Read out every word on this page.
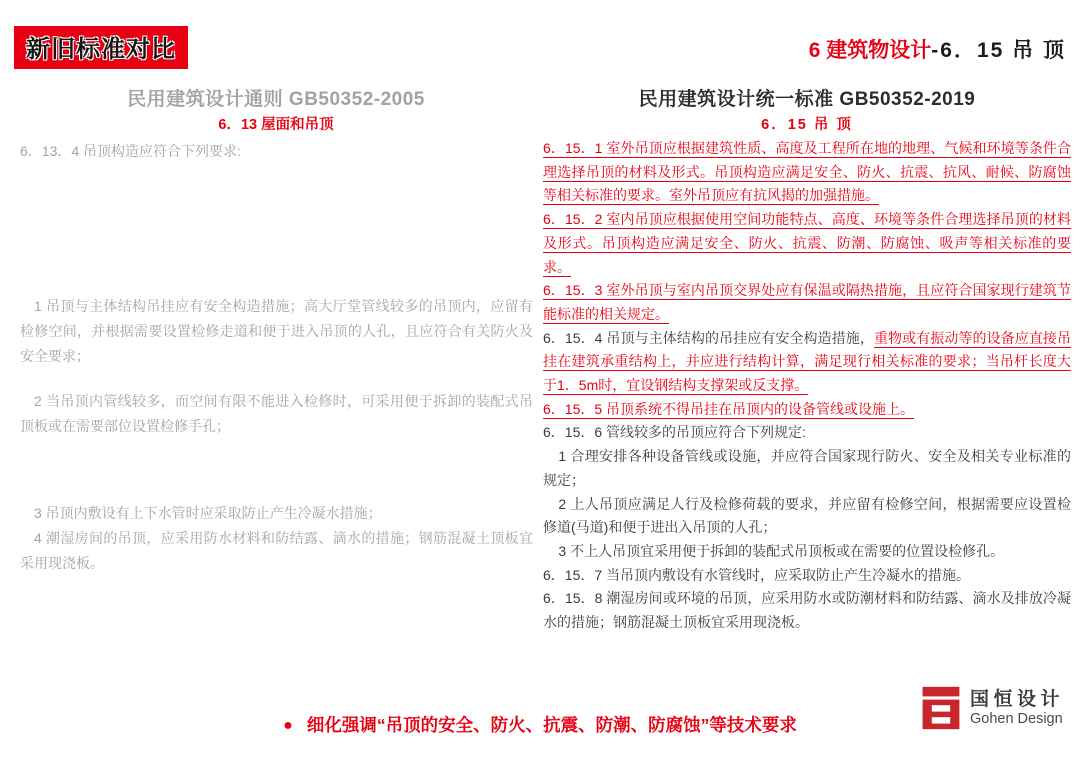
新旧标准对比	6 建筑物设计-6．15 吊 顶
民用建筑设计通则 GB50352-2005
6．13 屋面和吊顶
民用建筑设计统一标准 GB50352-2019
6．15 吊 顶
6．13．4 吊顶构造应符合下列要求:
1 吊顶与主体结构吊挂应有安全构造措施；高大厅堂管线较多的吊顶内，应留有检修空间，并根据需要设置检修走道和便于进入吊顶的人孔，且应符合有关防火及安全要求；
2 当吊顶内管线较多，而空间有限不能进入检修时，可采用便于拆卸的装配式吊顶板或在需要部位设置检修手孔；
3 吊顶内敷设有上下水管时应采取防止产生冷凝水措施；
4 潮湿房间的吊顶，应采用防水材料和防结露、滴水的措施；钢筋混凝土顶板宜采用现浇板。
6．15．1 室外吊顶应根据建筑性质、高度及工程所在地的地理、气候和环境等条件合理选择吊顶的材料及形式。吊顶构造应满足安全、防火、抗震、抗风、耐候、防腐蚀等相关标准的要求。室外吊顶应有抗风揭的加强措施。
6．15．2 室内吊顶应根据使用空间功能特点、高度、环境等条件合理选择吊顶的材料及形式。吊顶构造应满足安全、防火、抗震、防潮、防腐蚀、吸声等相关标准的要求。
6．15．3 室外吊顶与室内吊顶交界处应有保温或隔热措施，且应符合国家现行建筑节能标准的相关规定。
6．15．4 吊顶与主体结构的吊挂应有安全构造措施，重物或有振动等的设备应直接吊挂在建筑承重结构上，并应进行结构计算，满足现行相关标准的要求；当吊杆长度大于1．5m时，宜设钢结构支撑架或反支撑。
6．15．5 吊顶系统不得吊挂在吊顶内的设备管线或设施上。
6．15．6 管线较多的吊顶应符合下列规定:
1 合理安排各种设备管线或设施，并应符合国家现行防火、安全及相关专业标准的规定；
2 上人吊顶应满足人行及检修荷载的要求，并应留有检修空间，根据需要应设置检修道(马道)和便于进出入吊顶的人孔；
3 不上人吊顶宜采用便于拆卸的装配式吊顶板或在需要的位置设检修孔。
6．15．7 当吊顶内敷设有水管线时，应采取防止产生冷凝水的措施。
6．15．8 潮湿房间或环境的吊顶，应采用防水或防潮材料和防结露、滴水及排放冷凝水的措施；钢筋混凝土顶板宜采用现浇板。
● 细化强调“吊顶的安全、防火、抗震、防潮、防腐蚀”等技术要求
国恒设计
Gohen Design
